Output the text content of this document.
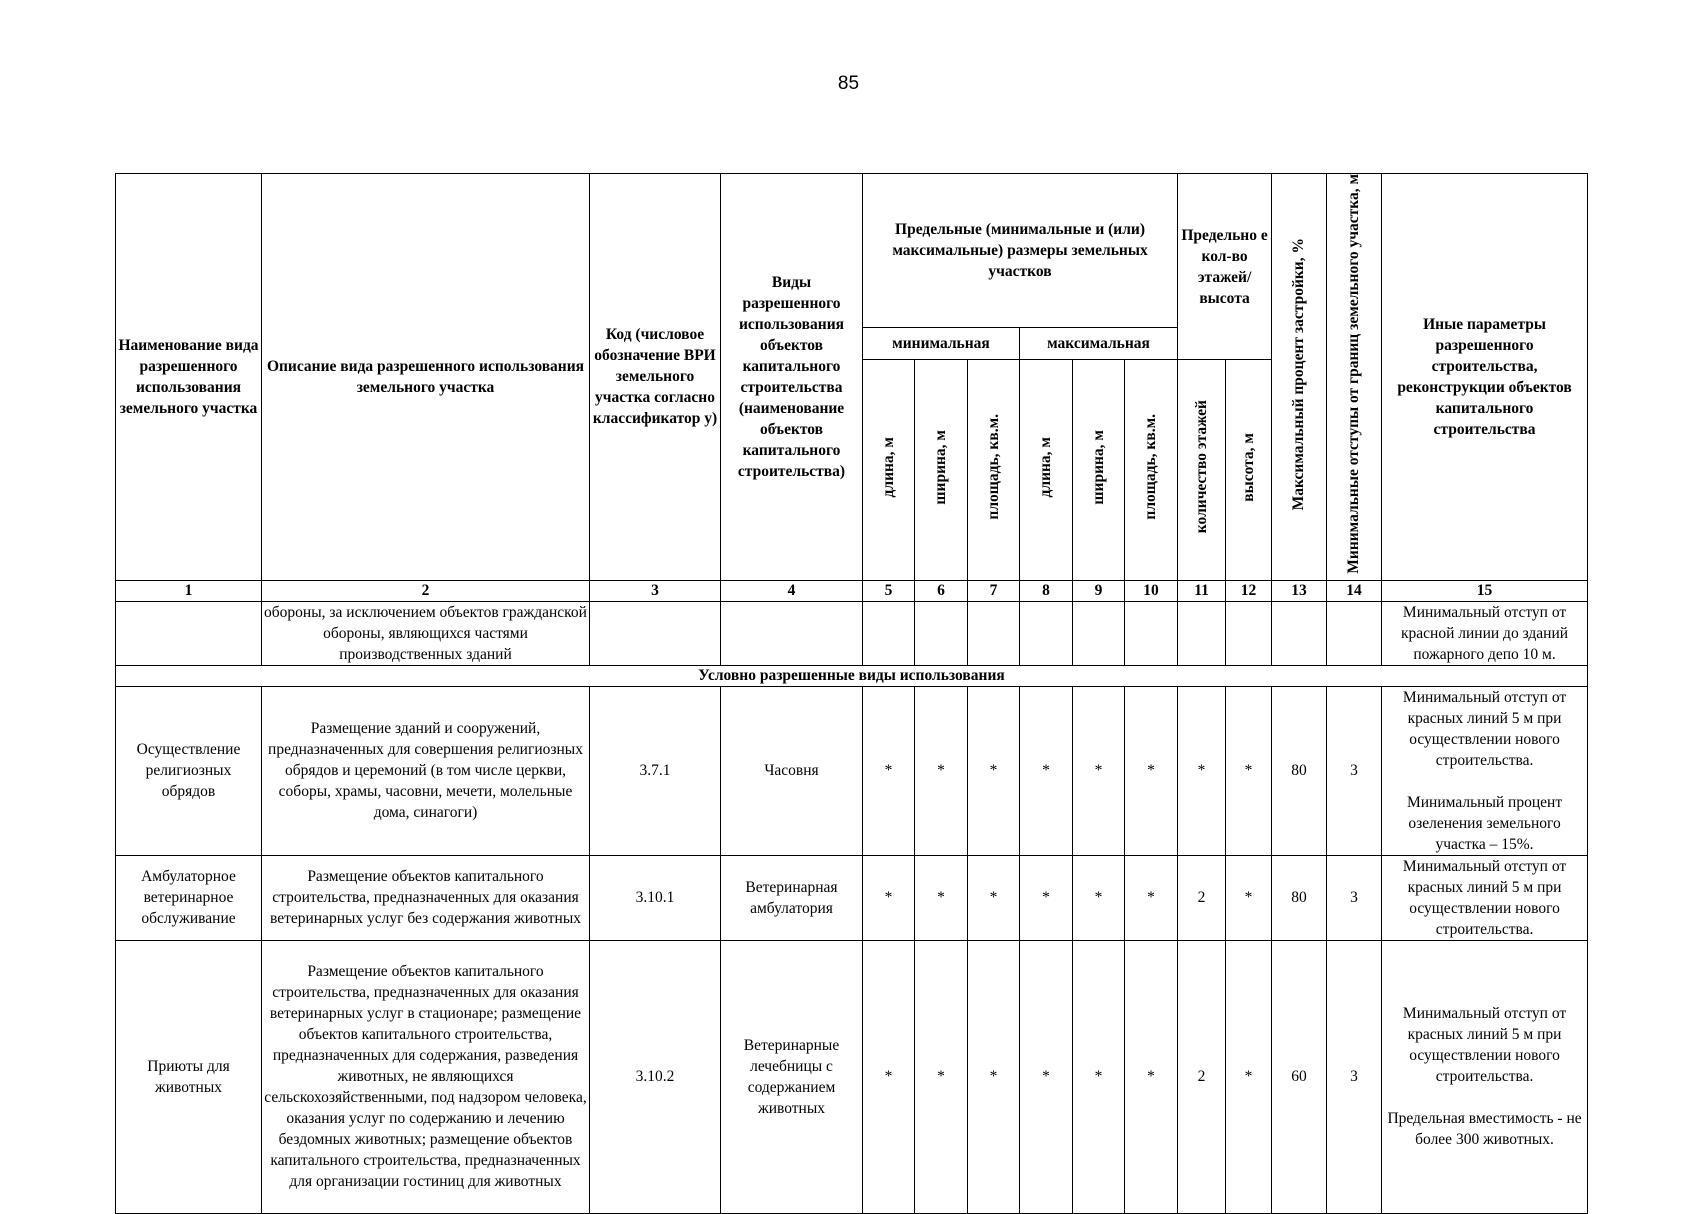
85
Наименование вида разрешенного использования земельного участка	Описание вида разрешенного использования земельного участка	Код (числовое обозначение ВРИ земельного участка согласно классификатор у)	Виды разрешенного использования объектов капитального строительства (наименование объектов капитального строительства)	Предельные (минимальные и (или) максимальные) размеры земельных участков						Предельно е кол-во этажей/ высота		Максимальный процент застройки, %	Минимальные отступы от границ земельного участка, м	Иные параметры разрешенного строительства, реконструкции объектов капитального строительства
				минимальная			максимальная							
				длина, м	ширина, м	площадь, кв.м.	длина, м	ширина, м	площадь, кв.м.	количество этажей	высота, м			
1	2	3	4	5	6	7	8	9	10	11	12	13	14	15
	обороны, за исключением объектов гражданской обороны, являющихся частями производственных зданий													Минимальный отступ от красной линии до зданий пожарного депо 10 м.
Условно разрешенные виды использования														
Осуществление религиозных обрядов	Размещение зданий и сооружений, предназначенных для совершения религиозных обрядов и церемоний (в том числе церкви, соборы, храмы, часовни, мечети, молельные дома, синагоги)	3.7.1	Часовня	*	*	*	*	*	*	*	*	80	3	Минимальный отступ от красных линий 5 м при осуществлении нового строительства.

Минимальный процент озеленения земельного участка – 15%.
Амбулаторное ветеринарное обслуживание	Размещение объектов капитального строительства, предназначенных для оказания ветеринарных услуг без содержания животных	3.10.1	Ветеринарная амбулатория	*	*	*	*	*	*	2	*	80	3	Минимальный отступ от красных линий 5 м при осуществлении нового строительства.
Приюты для животных	Размещение объектов капитального строительства, предназначенных для оказания ветеринарных услуг в стационаре; размещение объектов капитального строительства, предназначенных для содержания, разведения животных, не являющихся сельскохозяйственными, под надзором человека, оказания услуг по содержанию и лечению бездомных животных; размещение объектов капитального строительства, предназначенных для организации гостиниц для животных	3.10.2	Ветеринарные лечебницы с содержанием животных	*	*	*	*	*	*	2	*	60	3	Минимальный отступ от красных линий 5 м при осуществлении нового строительства.

Предельная вместимость - не более 300 животных.
